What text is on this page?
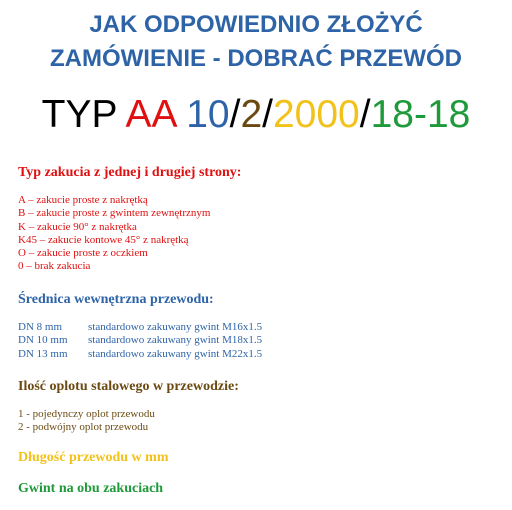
JAK ODPOWIEDNIO ZŁOŻYĆ
ZAMÓWIENIE - DOBRAĆ PRZEWÓD
TYP AA 10/2/2000/18-18
Typ zakucia z jednej i drugiej strony:
A – zakucie proste z nakrętką
B – zakucie proste z gwintem zewnętrznym
K – zakucie 90° z nakrętka
K45 – zakucie kontowe 45° z nakrętką
O – zakucie proste z oczkiem
0 – brak zakucia
Średnica wewnętrzna przewodu:
DN 8 mm standardowo zakuwany gwint M16x1.5
DN 10 mm standardowo zakuwany gwint M18x1.5
DN 13 mm standardowo zakuwany gwint M22x1.5
Ilość oplotu stalowego w przewodzie:
1 - pojedynczy oplot przewodu
2 - podwójny oplot przewodu
Długość przewodu w mm
Gwint na obu zakuciach
